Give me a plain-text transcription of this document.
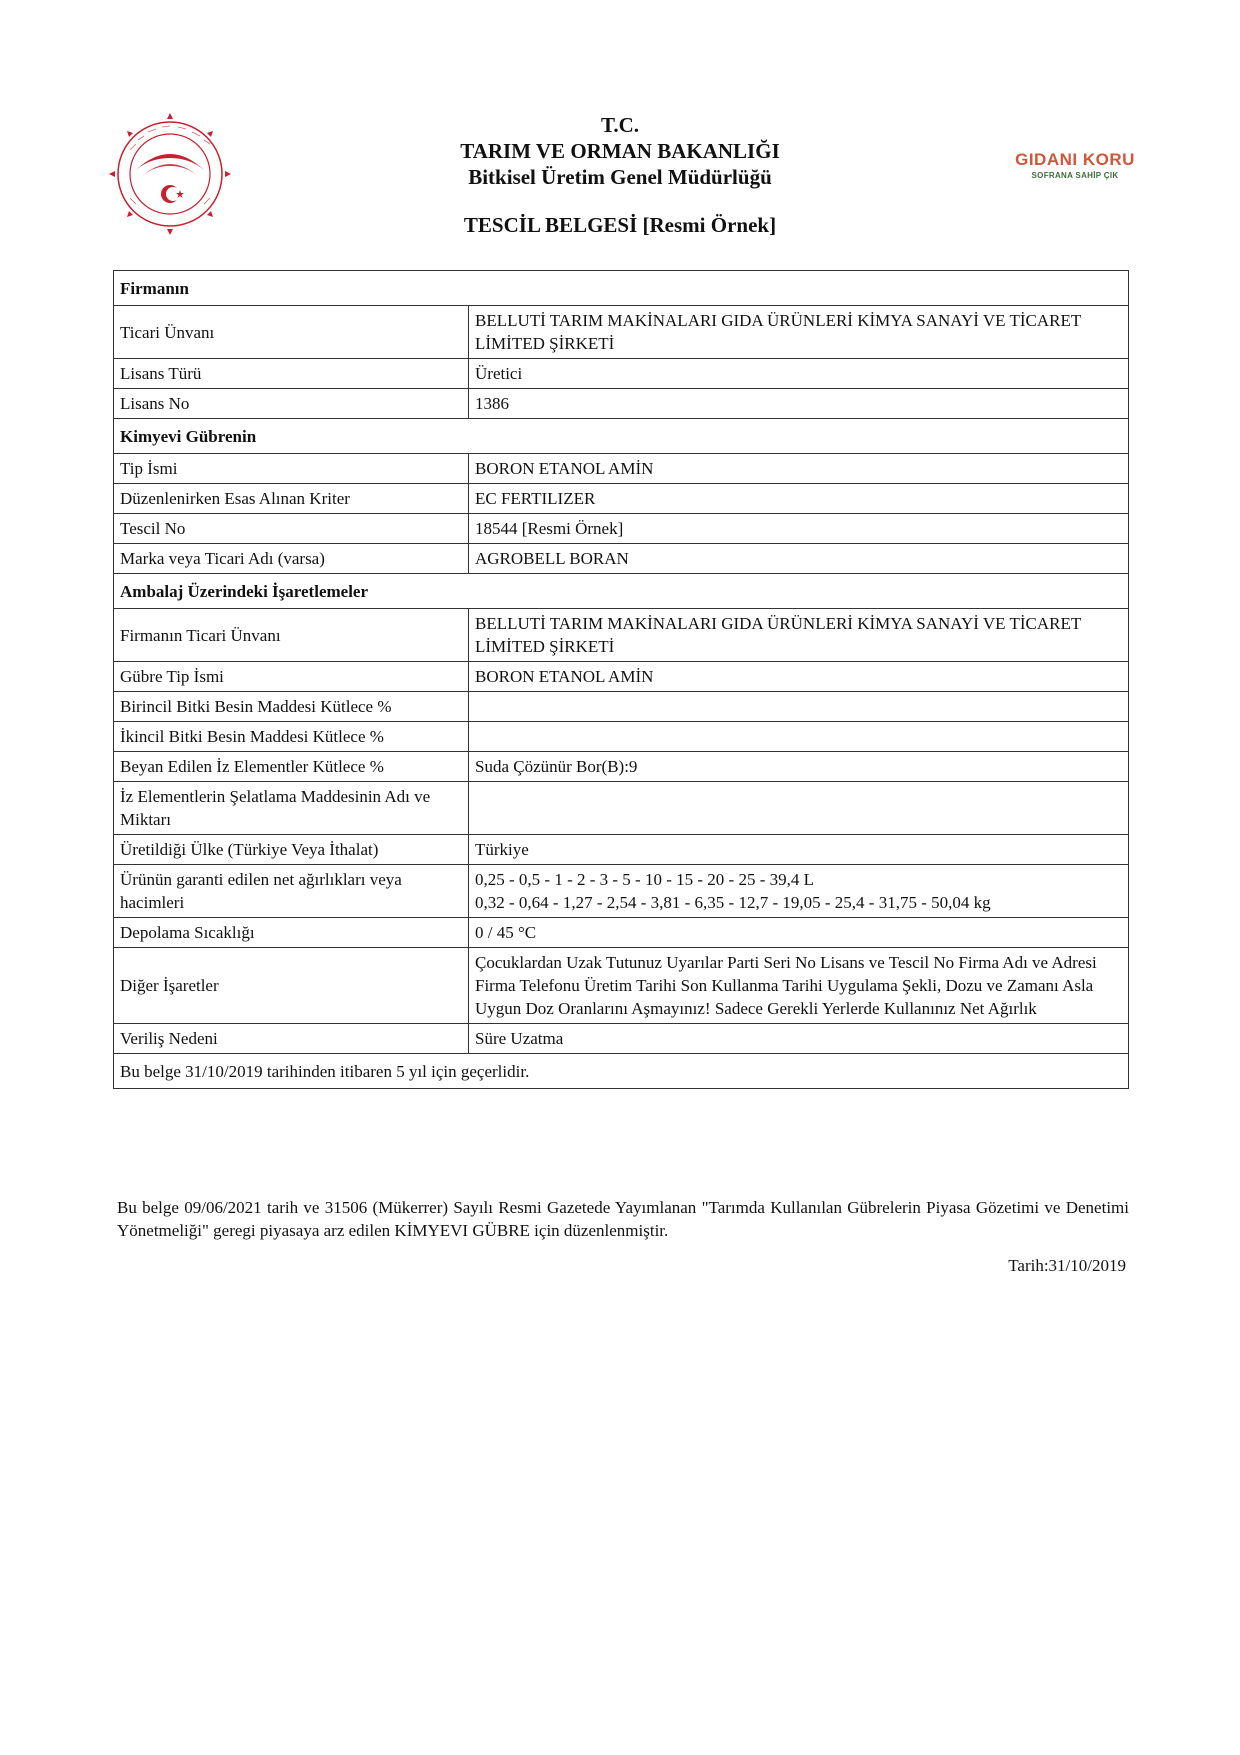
GIDANI KORU
SOFRANA SAHİP ÇIK
T.C.
TARIM VE ORMAN BAKANLIĞI
Bitkisel Üretim Genel Müdürlüğü
TESCİL BELGESİ [Resmi Örnek]
Firmanın	
Ticari Ünvanı	BELLUTİ TARIM MAKİNALARI GIDA ÜRÜNLERİ KİMYA SANAYİ VE TİCARET LİMİTED ŞİRKETİ
Lisans Türü	Üretici
Lisans No	1386
Kimyevi Gübrenin	
Tip İsmi	BORON ETANOL AMİN
Düzenlenirken Esas Alınan Kriter	EC FERTILIZER
Tescil No	18544 [Resmi Örnek]
Marka veya Ticari Adı (varsa)	AGROBELL BORAN
Ambalaj Üzerindeki İşaretlemeler	
Firmanın Ticari Ünvanı	BELLUTİ TARIM MAKİNALARI GIDA ÜRÜNLERİ KİMYA SANAYİ VE TİCARET LİMİTED ŞİRKETİ
Gübre Tip İsmi	BORON ETANOL AMİN
Birincil Bitki Besin Maddesi Kütlece %	
İkincil Bitki Besin Maddesi Kütlece %	
Beyan Edilen İz Elementler Kütlece %	Suda Çözünür Bor(B):9
İz Elementlerin Şelatlama Maddesinin Adı ve Miktarı	
Üretildiği Ülke (Türkiye Veya İthalat)	Türkiye
Ürünün garanti edilen net ağırlıkları veya hacimleri	0,25 - 0,5 - 1 - 2 - 3 - 5 - 10 - 15 - 20 - 25 - 39,4 L
0,32 - 0,64 - 1,27 - 2,54 - 3,81 - 6,35 - 12,7 - 19,05 - 25,4 - 31,75 - 50,04 kg

Depolama Sıcaklığı	0 / 45 °C
Diğer İşaretler	Çocuklardan Uzak Tutunuz Uyarılar Parti Seri No Lisans ve Tescil No Firma Adı ve Adresi Firma Telefonu Üretim Tarihi Son Kullanma Tarihi Uygulama Şekli, Dozu ve Zamanı Asla Uygun Doz Oranlarını Aşmayınız! Sadece Gerekli Yerlerde Kullanınız Net Ağırlık
Veriliş Nedeni	Süre Uzatma
Bu belge 31/10/2019 tarihinden itibaren 5 yıl için geçerlidir.	
Bu belge 09/06/2021 tarih ve 31506 (Mükerrer) Sayılı Resmi Gazetede Yayımlanan "Tarımda Kullanılan Gübrelerin Piyasa Gözetimi ve Denetimi Yönetmeliği" geregi piyasaya arz edilen KİMYEVI GÜBRE için düzenlenmiştir.
Tarih:31/10/2019
